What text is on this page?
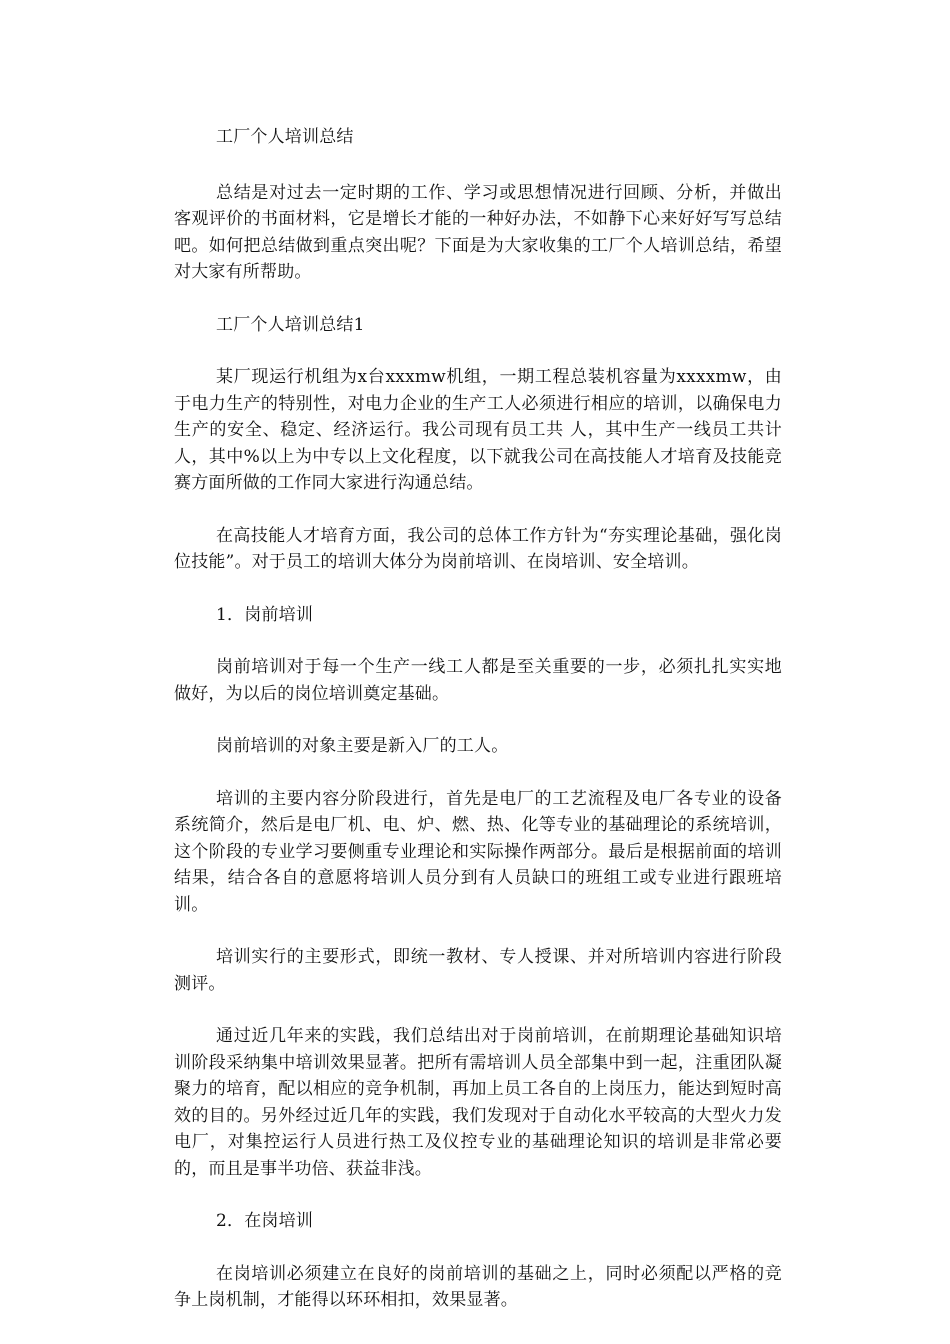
工厂个人培训总结

总结是对过去一定时期的工作、学习或思想情况进行回顾、分析，并做出客观评价的书面材料，它是增长才能的一种好办法，不如静下心来好好写写总结吧。如何把总结做到重点突出呢？下面是为大家收集的工厂个人培训总结，希望对大家有所帮助。

工厂个人培训总结1

某厂现运行机组为x台xxxmw机组，一期工程总装机容量为xxxxmw，由于电力生产的特别性，对电力企业的生产工人必须进行相应的培训，以确保电力生产的安全、稳定、经济运行。我公司现有员工共 人，其中生产一线员工共计 人，其中%以上为中专以上文化程度，以下就我公司在高技能人才培育及技能竞赛方面所做的工作同大家进行沟通总结。

在高技能人才培育方面，我公司的总体工作方针为“夯实理论基础，强化岗位技能”。对于员工的培训大体分为岗前培训、在岗培训、安全培训。

1．岗前培训

岗前培训对于每一个生产一线工人都是至关重要的一步，必须扎扎实实地做好，为以后的岗位培训奠定基础。

岗前培训的对象主要是新入厂的工人。

培训的主要内容分阶段进行，首先是电厂的工艺流程及电厂各专业的设备系统简介，然后是电厂机、电、炉、燃、热、化等专业的基础理论的系统培训，这个阶段的专业学习要侧重专业理论和实际操作两部分。最后是根据前面的培训结果，结合各自的意愿将培训人员分到有人员缺口的班组工或专业进行跟班培训。

培训实行的主要形式，即统一教材、专人授课、并对所培训内容进行阶段测评。

通过近几年来的实践，我们总结出对于岗前培训，在前期理论基础知识培训阶段采纳集中培训效果显著。把所有需培训人员全部集中到一起，注重团队凝聚力的培育，配以相应的竞争机制，再加上员工各自的上岗压力，能达到短时高效的目的。另外经过近几年的实践，我们发现对于自动化水平较高的大型火力发电厂，对集控运行人员进行热工及仪控专业的基础理论知识的培训是非常必要的，而且是事半功倍、获益非浅。

2．在岗培训

在岗培训必须建立在良好的岗前培训的基础之上，同时必须配以严格的竞争上岗机制，才能得以环环相扣，效果显著。
